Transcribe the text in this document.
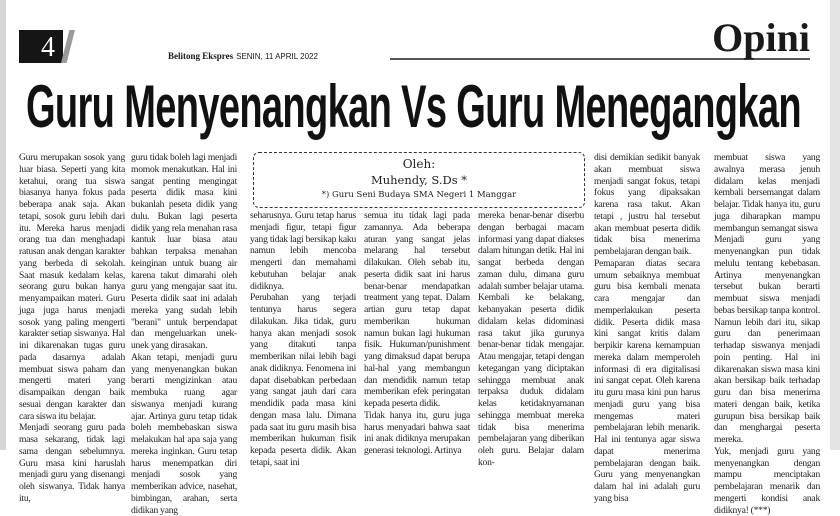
4	Belitong Ekspres SENIN, 11 APRIL 2022	Opini
Guru Menyenangkan Vs Guru Menegangkan
Oleh:
Muhendy, S.Ds *
*) Guru Seni Budaya SMA Negeri 1 Manggar

Guru merupakan sosok yang luar biasa. Seperti yang kita ketahui, orang tua siswa biasanya hanya fokus pada beberapa anak saja. Akan tetapi, sosok guru lebih dari itu. Mereka harus menjadi orang tua dan menghadapi ratusan anak dengan karakter yang berbeda di sekolah. Saat masuk kedalam kelas, seorang guru bukan hanya menyampaikan materi. Guru juga juga harus menjadi sosok yang paling mengerti karakter setiap siswanya. Hal ini dikarenakan tugas guru pada dasarnya adalah membuat siswa paham dan mengerti materi yang disampaikan dengan baik sesuai dengan karakter dan cara siswa itu belajar.

Menjadi seorang guru pada masa sekarang, tidak lagi sama dengan sebelumnya. Guru masa kini haruslah menjadi guru yang disenangi oleh siswanya. Tidak hanya itu,

guru tidak boleh lagi menjadi momok menakutkan. Hal ini sangat penting mengingat peserta didik masa kini bukanlah peseta didik yang dulu. Bukan lagi peserta didik yang rela menahan rasa kantuk luar biasa atau bahkan terpaksa menahan keinginan untuk buang air karena takut dimarahi oleh guru yang mengajar saat itu. Peserta didik saat ini adalah mereka yang sudah lebih "berani" untuk berpendapat dan mengeluarkan unek-unek yang dirasakan.

Akan tetapi, menjadi guru yang menyenangkan bukan berarti mengizinkan atau membuka ruang agar siswanya menjadi kurang ajar. Artinya guru tetap tidak boleh membebaskan siswa melakukan hal apa saja yang mereka inginkan. Guru tetap harus menempatkan diri menjadi sosok yang memberikan advice, nasehat, bimbingan, arahan, serta didikan yang

seharusnya. Guru tetap harus menjadi figur, tetapi figur yang tidak lagi bersikap kaku namun lebih mencoba mengerti dan memahami kebutuhan belajar anak didiknya.

Perubahan yang terjadi tentunya harus segera dilakukan. Jika tidak, guru hanya akan menjadi sosok yang ditakuti tanpa memberikan nilai lebih bagi anak didiknya. Fenomena ini dapat disebabkan perbedaan yang sangat jauh dari cara mendidik pada masa kini dengan masa lalu. Dimana pada saat itu guru masih bisa memberikan hukuman fisik kepada peserta didik. Akan tetapi, saat ini

semua itu tidak lagi pada zamannya. Ada beberapa aturan yang sangat jelas melarang hal tersebut dilakukan. Oleh sebab itu, peserta didik saat ini harus benar-benar mendapatkan treatment yang tepat. Dalam artian guru tetap dapat memberikan hukuman namun bukan lagi hukuman fisik. Hukuman/punishment yang dimaksud dapat berupa hal-hal yang membangun dan mendidik namun tetap memberikan efek peringatan kepada peserta didik.

Tidak hanya itu, guru juga harus menyadari bahwa saat ini anak didiknya merupakan generasi teknologi. Artinya

mereka benar-benar diserbu dengan berbagai macam informasi yang dapat diakses dalam hitungan detik. Hal ini sangat berbeda dengan zaman dulu, dimana guru adalah sumber belajar utama. Kembali ke belakang, kebanyakan peserta didik didalam kelas didominasi rasa takut jika gurunya benar-benar tidak mengajar. Atau mengajar, tetapi dengan ketegangan yang diciptakan sehingga membuat anak terpaksa duduk didalam kelas ketidaknyamanan sehingga membuat mereka tidak bisa menerima pembelajaran yang diberikan oleh guru. Belajar dalam kon-

disi demikian sedikit banyak akan membuat siswa menjadi sangat fokus, tetapi fokus yang dipaksakan karena rasa takut. Akan tetapi , justru hal tersebut akan membuat peserta didik tidak bisa menerima pembelajaran dengan baik.

Pemaparan diatas secara umum sebaiknya membuat guru bisa kembali menata cara mengajar dan memperlakukan peserta didik. Peserta didik masa kini sangat kritis dalam berpikir karena kemampuan mereka dalam memperoleh informasi di era digitalisasi ini sangat cepat. Oleh karena itu guru masa kini pun harus menjadi guru yang bisa mengemas materi pembelajaran lebih menarik. Hal ini tentunya agar siswa dapat menerima pembelajaran dengan baik. Guru yang menyenangkan dalam hal ini adalah guru yang bisa

membuat siswa yang awalnya merasa jenuh didalam kelas menjadi kembali bersemangat dalam belajar. Tidak hanya itu, guru juga diharapkan mampu membangun semangat siswa

Menjadi guru yang menyenangkan pun tidak melulu tentang kebebasan. Artinya menyenangkan tersebut bukan berarti membuat siswa menjadi bebas bersikap tanpa kontrol. Namun lebih dari itu, sikap guru dan penerimaan terhadap siswanya menjadi poin penting. Hal ini dikarenakan siswa masa kini akan bersikap baik terhadap guru dan bisa menerima materi dengan baik, ketika gurupun bisa bersikap baik dan menghargai peserta mereka.

Yuk, menjadi guru yang menyenangkan dengan mampu menciptakan pembelajaran menarik dan mengerti kondisi anak didiknya! (***)
